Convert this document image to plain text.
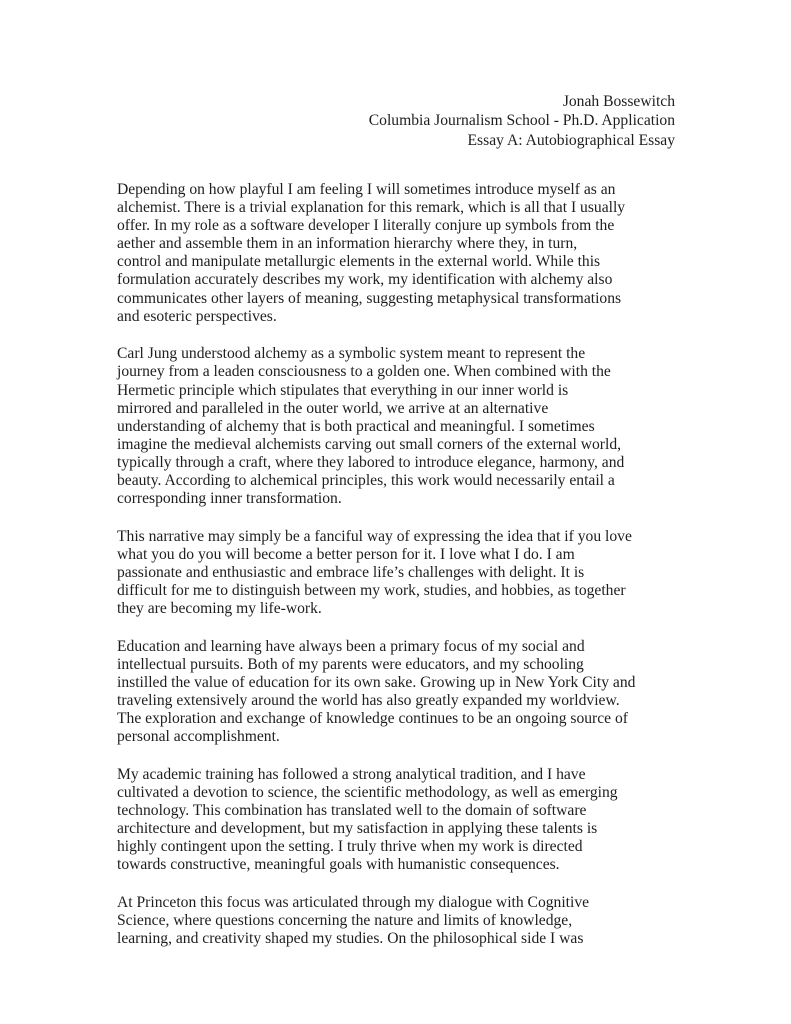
Jonah Bossewitch
Columbia Journalism School - Ph.D. Application
Essay A: Autobiographical Essay
Depending on how playful I am feeling I will sometimes introduce myself as an
alchemist. There is a trivial explanation for this remark, which is all that I usually
offer. In my role as a software developer I literally conjure up symbols from the
aether and assemble them in an information hierarchy where they, in turn,
control and manipulate metallurgic elements in the external world. While this
formulation accurately describes my work, my identification with alchemy also
communicates other layers of meaning, suggesting metaphysical transformations
and esoteric perspectives.
Carl Jung understood alchemy as a symbolic system meant to represent the
journey from a leaden consciousness to a golden one. When combined with the
Hermetic principle which stipulates that everything in our inner world is
mirrored and paralleled in the outer world, we arrive at an alternative
understanding of alchemy that is both practical and meaningful. I sometimes
imagine the medieval alchemists carving out small corners of the external world,
typically through a craft, where they labored to introduce elegance, harmony, and
beauty. According to alchemical principles, this work would necessarily entail a
corresponding inner transformation.
This narrative may simply be a fanciful way of expressing the idea that if you love
what you do you will become a better person for it. I love what I do. I am
passionate and enthusiastic and embrace life’s challenges with delight. It is
difficult for me to distinguish between my work, studies, and hobbies, as together
they are becoming my life-work.
Education and learning have always been a primary focus of my social and
intellectual pursuits. Both of my parents were educators, and my schooling
instilled the value of education for its own sake. Growing up in New York City and
traveling extensively around the world has also greatly expanded my worldview.
The exploration and exchange of knowledge continues to be an ongoing source of
personal accomplishment.
My academic training has followed a strong analytical tradition, and I have
cultivated a devotion to science, the scientific methodology, as well as emerging
technology. This combination has translated well to the domain of software
architecture and development, but my satisfaction in applying these talents is
highly contingent upon the setting. I truly thrive when my work is directed
towards constructive, meaningful goals with humanistic consequences.
At Princeton this focus was articulated through my dialogue with Cognitive
Science, where questions concerning the nature and limits of knowledge,
learning, and creativity shaped my studies. On the philosophical side I was
